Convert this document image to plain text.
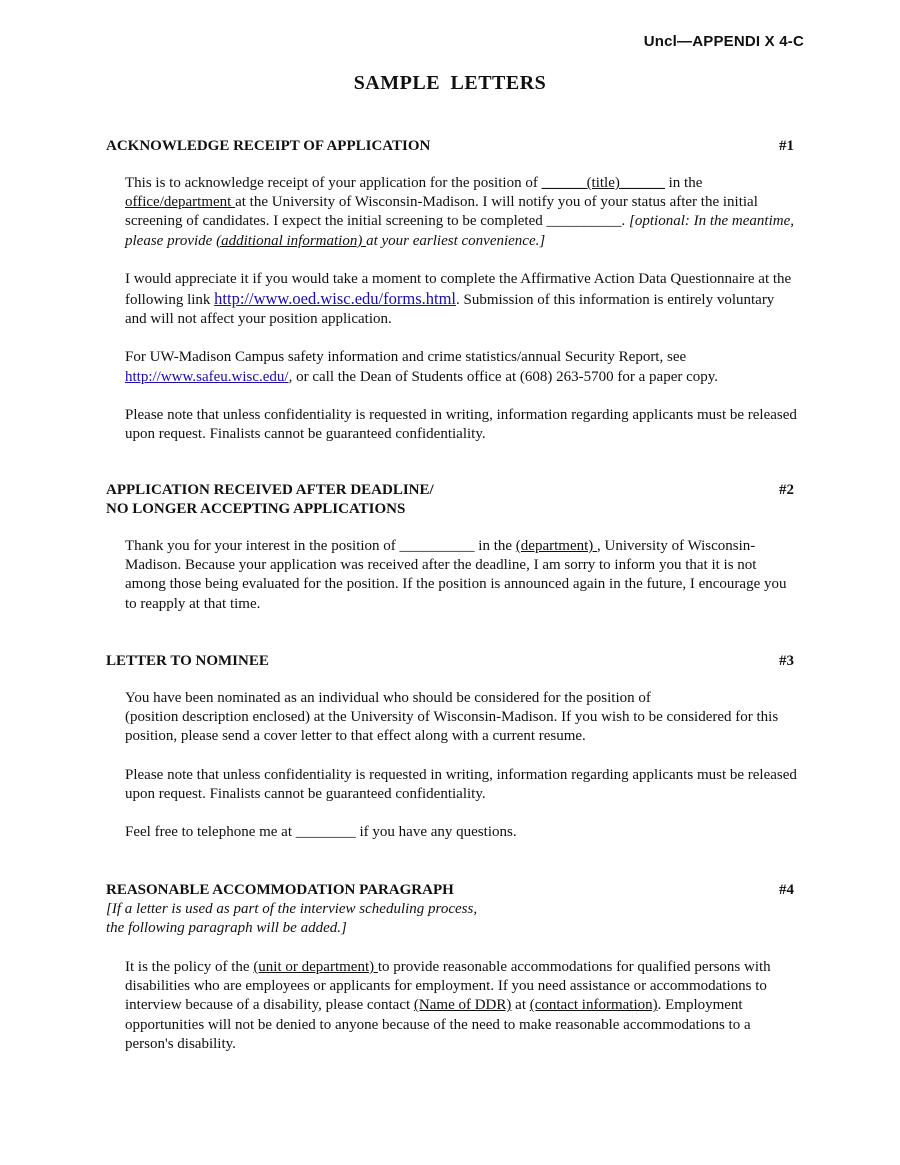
Uncl—APPENDI X 4-C
SAMPLE LETTERS
ACKNOWLEDGE RECEIPT OF APPLICATION	#1

This is to acknowledge receipt of your application for the position of ______(title)______ in the office/department at the University of Wisconsin-Madison. I will notify you of your status after the initial screening of candidates. I expect the initial screening to be completed __________. [optional: In the meantime, please provide (additional information) at your earliest convenience.]

I would appreciate it if you would take a moment to complete the Affirmative Action Data Questionnaire at the following link http://www.oed.wisc.edu/forms.html. Submission of this information is entirely voluntary and will not affect your position application.

For UW-Madison Campus safety information and crime statistics/annual Security Report, see http://www.safeu.wisc.edu/, or call the Dean of Students office at (608) 263-5700 for a paper copy.

Please note that unless confidentiality is requested in writing, information regarding applicants must be released upon request. Finalists cannot be guaranteed confidentiality.

APPLICATION RECEIVED AFTER DEADLINE/
NO LONGER ACCEPTING APPLICATIONS
#2

Thank you for your interest in the position of __________ in the (department) , University of Wisconsin-Madison. Because your application was received after the deadline, I am sorry to inform you that it is not among those being evaluated for the position. If the position is announced again in the future, I encourage you to reapply at that time.

LETTER TO NOMINEE	#3

You have been nominated as an individual who should be considered for the position of
(position description enclosed) at the University of Wisconsin-Madison. If you wish to be considered for this position, please send a cover letter to that effect along with a current resume.

Please note that unless confidentiality is requested in writing, information regarding applicants must be released upon request. Finalists cannot be guaranteed confidentiality.

Feel free to telephone me at ________ if you have any questions.

REASONABLE ACCOMMODATION PARAGRAPH	#4
[If a letter is used as part of the interview scheduling process,
the following paragraph will be added.]

It is the policy of the (unit or department) to provide reasonable accommodations for qualified persons with disabilities who are employees or applicants for employment. If you need assistance or accommodations to interview because of a disability, please contact (Name of DDR) at (contact information). Employment opportunities will not be denied to anyone because of the need to make reasonable accommodations to a person's disability.
